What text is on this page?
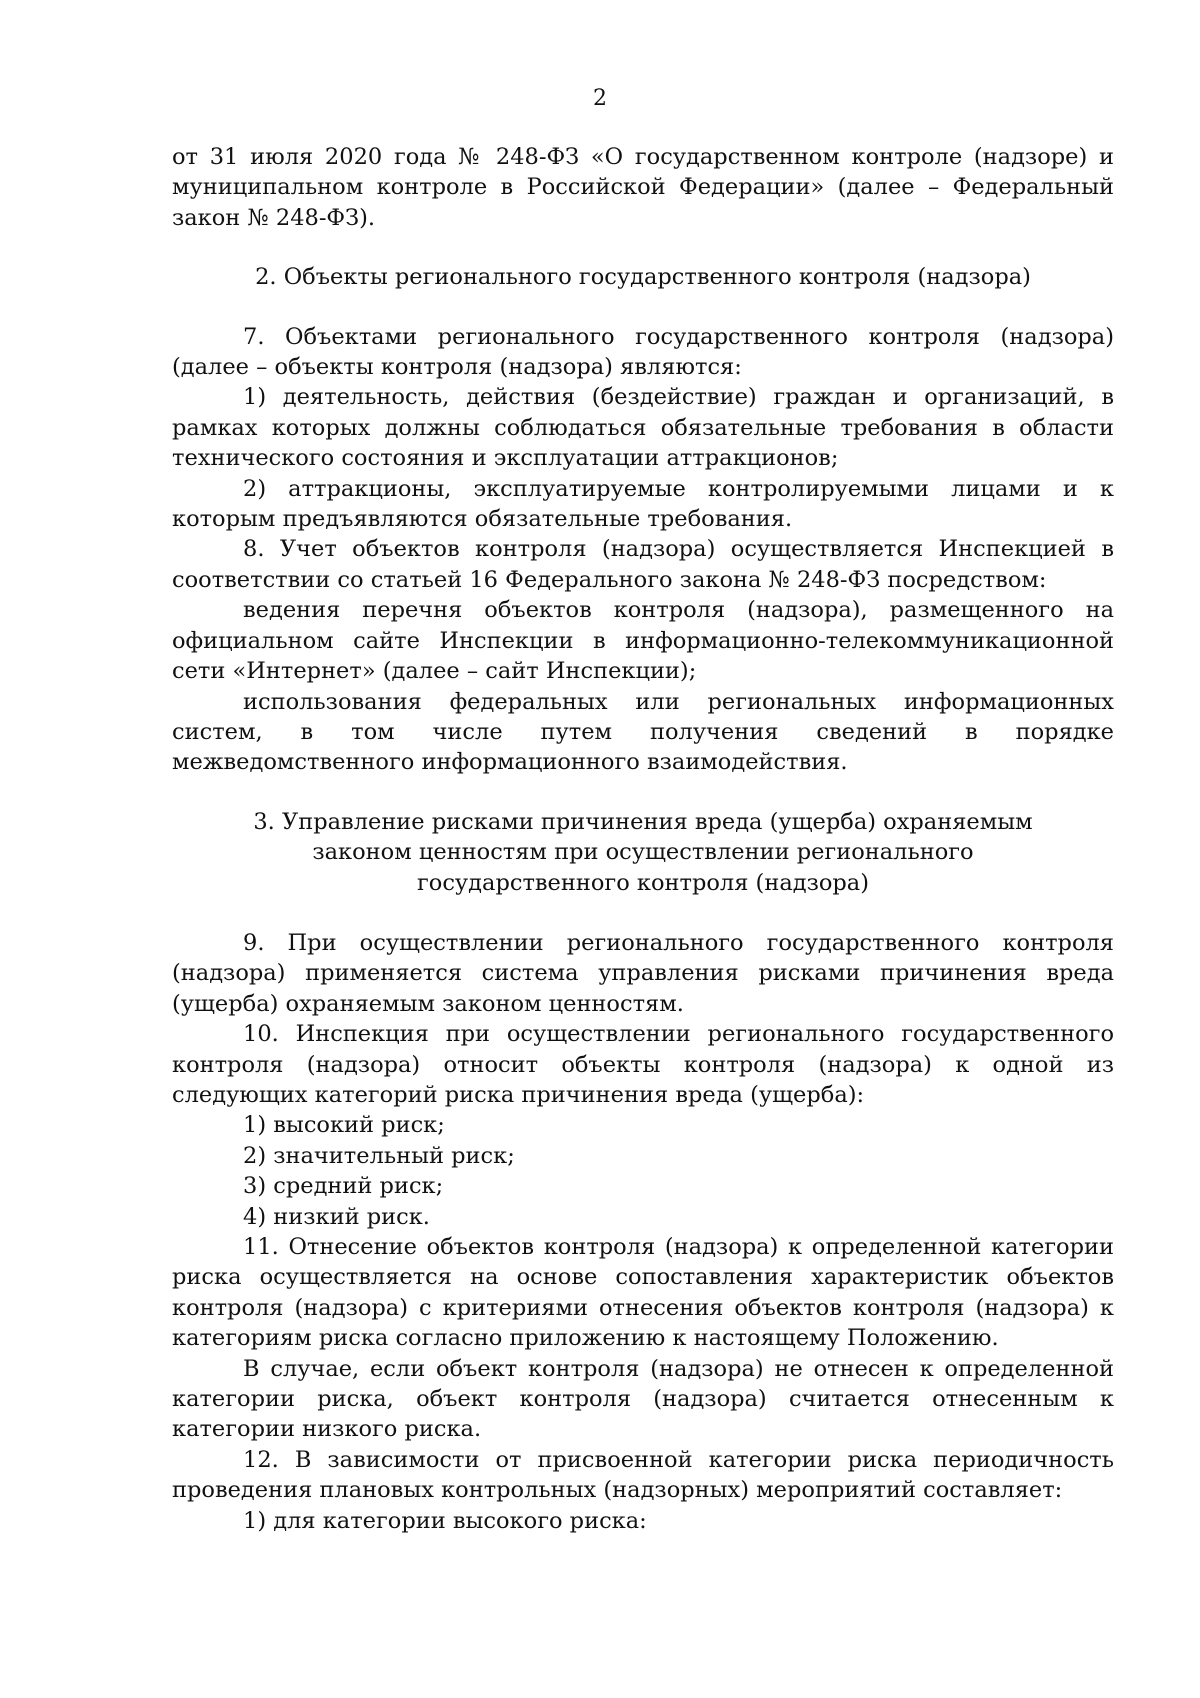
2

от 31 июля 2020 года № 248-ФЗ «О государственном контроле (надзоре) и муниципальном контроле в Российской Федерации» (далее – Федеральный закон № 248-ФЗ).

2. Объекты регионального государственного контроля (надзора)

7. Объектами регионального государственного контроля (надзора) (далее – объекты контроля (надзора) являются:

1) деятельность, действия (бездействие) граждан и организаций, в рамках которых должны соблюдаться обязательные требования в области технического состояния и эксплуатации аттракционов;

2) аттракционы, эксплуатируемые контролируемыми лицами и к которым предъявляются обязательные требования.

8. Учет объектов контроля (надзора) осуществляется Инспекцией в соответствии со статьей 16 Федерального закона № 248-ФЗ посредством:

ведения перечня объектов контроля (надзора), размещенного на официальном сайте Инспекции в информационно-телекоммуникационной сети «Интернет» (далее – сайт Инспекции);

использования федеральных или региональных информационных систем, в том числе путем получения сведений в порядке межведомственного информационного взаимодействия.

3. Управление рисками причинения вреда (ущерба) охраняемым

законом ценностям при осуществлении регионального

государственного контроля (надзора)

9. При осуществлении регионального государственного контроля (надзора) применяется система управления рисками причинения вреда (ущерба) охраняемым законом ценностям.

10. Инспекция при осуществлении регионального государственного контроля (надзора) относит объекты контроля (надзора) к одной из следующих категорий риска причинения вреда (ущерба):

1) высокий риск;

2) значительный риск;

3) средний риск;

4) низкий риск.

11. Отнесение объектов контроля (надзора) к определенной категории риска осуществляется на основе сопоставления характеристик объектов контроля (надзора) с критериями отнесения объектов контроля (надзора) к категориям риска согласно приложению к настоящему Положению.

В случае, если объект контроля (надзора) не отнесен к определенной категории риска, объект контроля (надзора) считается отнесенным к категории низкого риска.

12. В зависимости от присвоенной категории риска периодичность проведения плановых контрольных (надзорных) мероприятий составляет:

1) для категории высокого риска:
